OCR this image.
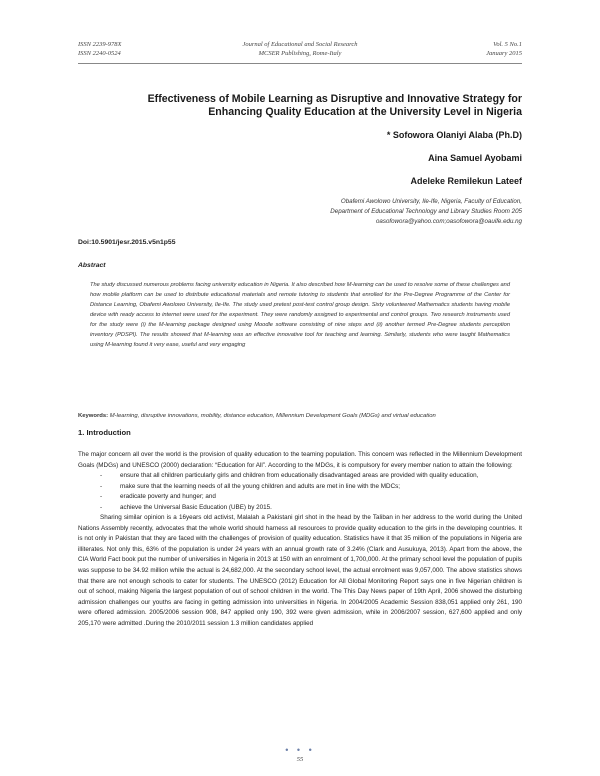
ISSN 2239-978X
ISSN 2240-0524
Journal of Educational and Social Research
MCSER Publishing, Rome-Italy
Vol. 5 No.1
January 2015
Effectiveness of Mobile Learning as Disruptive and Innovative Strategy for
Enhancing Quality Education at the University Level in Nigeria
* Sofowora Olaniyi Alaba (Ph.D)
Aina Samuel Ayobami
Adeleke Remilekun Lateef
Obafemi Awolowo University, Ile-Ife, Nigeria, Faculty of Education,
Department of Educational Technology and Library Studies Room 205
oasofowora@yahoo.com;oasofowora@oauife.edu.ng
Doi:10.5901/jesr.2015.v5n1p55
Abstract
The study discussed numerous problems facing university education in Nigeria. It also described how M-learning can be used to resolve some of these challenges and how mobile platform can be used to distribute educational materials and remote tutoring to students that enrolled for the Pre-Degree Programme of the Center for Distance Learning, Obafemi Awolowo University, Ile-Ife. The study used pretest post-test control group design. Sixty volunteered Mathematics students having mobile device with ready access to internet were used for the experiment. They were randomly assigned to experimental and control groups. Two research instruments used for the study were (i) the M-learning package designed using Moodle software consisting of nine steps and (ii) another termed Pre-Degree students perception inventory (PDSPI). The results showed that M-learning was an effective innovative tool for teaching and learning. Similarly, students who were taught Mathematics using M-learning found it very ease, useful and very engaging
Keywords: M-learning, disruptive innovations, mobility, distance education, Millennium Development Goals (MDGs) and virtual education
1. Introduction

The major concern all over the world is the provision of quality education to the teaming population. This concern was reflected in the Millennium Development Goals (MDGs) and UNESCO (2000) declaration: “Education for All”. According to the MDGs, it is compulsory for every member nation to attain the following:

- ensure that all children particularly girls and children from educationally disadvantaged areas are provided with quality education,
- make sure that the learning needs of all the young children and adults are met in line with the MDCs;
- eradicate poverty and hunger; and
- achieve the Universal Basic Education (UBE) by 2015.

Sharing similar opinion is a 16years old activist, Malalah a Pakistani girl shot in the head by the Taliban in her address to the world during the United Nations Assembly recently, advocates that the whole world should harness all resources to provide quality education to the girls in the developing countries. It is not only in Pakistan that they are faced with the challenges of provision of quality education. Statistics have it that 35 million of the populations in Nigeria are illiterates. Not only this, 63% of the population is under 24 years with an annual growth rate of 3.24% (Clark and Ausukuya, 2013). Apart from the above, the CIA World Fact book put the number of universities in Nigeria in 2013 at 150 with an enrolment of 1,700,000. At the primary school level the population of pupils was suppose to be 34.92 million while the actual is 24,682,000. At the secondary school level, the actual enrolment was 9,057,000. The above statistics shows that there are not enough schools to cater for students. The UNESCO (2012) Education for All Global Monitoring Report says one in five Nigerian children is out of school, making Nigeria the largest population of out of school children in the world. The This Day News paper of 19th April, 2006 showed the disturbing admission challenges our youths are facing in getting admission into universities in Nigeria. In 2004/2005 Academic Session 838,051 applied only 261, 190 were offered admission. 2005/2006 session 908, 847 applied only 190, 392 were given admission, while in 2006/2007 session, 627,600 applied and only 205,170 were admitted .During the 2010/2011 session 1.3 million candidates applied

• • •
55
